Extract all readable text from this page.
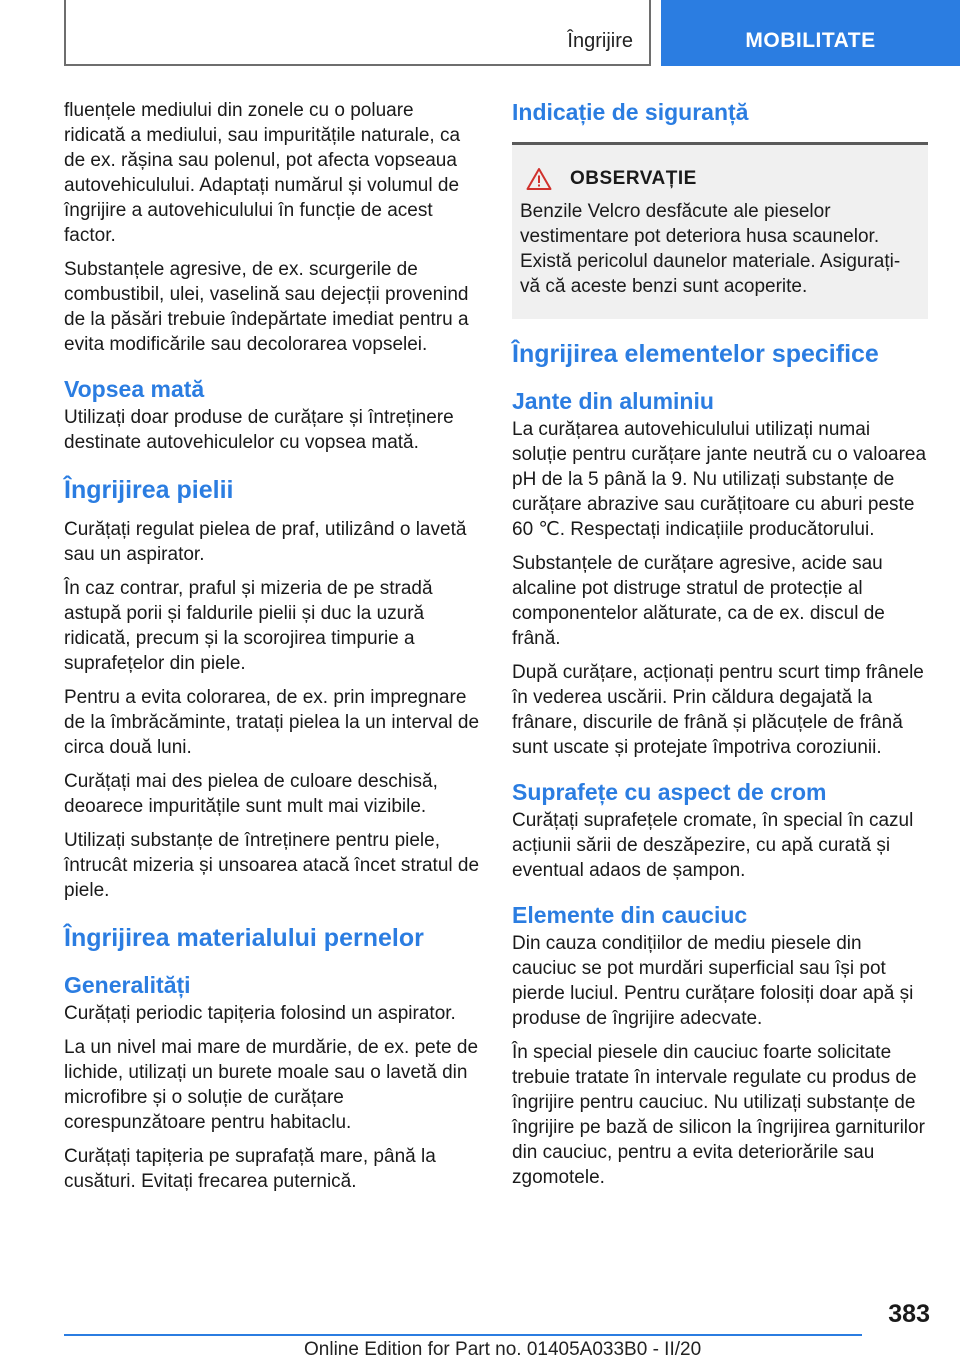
Îngrijire	MOBILITATE

fluențele mediului din zonele cu o poluare ridicată a mediului, sau impuritățile naturale, ca de ex. rășina sau polenul, pot afecta vopseaua autovehiculului. Adaptați numărul și volumul de îngrijire a autovehiculului în funcție de acest factor.

Substanțele agresive, de ex. scurgerile de combustibil, ulei, vaselină sau dejecții provenind de la păsări trebuie îndepărtate imediat pentru a evita modificările sau decolorarea vopselei.

Vopsea mată

Utilizați doar produse de curățare și întreținere destinate autovehiculelor cu vopsea mată.

Îngrijirea pielii

Curățați regulat pielea de praf, utilizând o lavetă sau un aspirator.

În caz contrar, praful și mizeria de pe stradă astupă porii și faldurile pielii și duc la uzură ridicată, precum și la scorojirea timpurie a suprafețelor din piele.

Pentru a evita colorarea, de ex. prin impregnare de la îmbrăcăminte, tratați pielea la un interval de circa două luni.

Curățați mai des pielea de culoare deschisă, deoarece impuritățile sunt mult mai vizibile.

Utilizați substanțe de întreținere pentru piele, întrucât mizeria și unsoarea atacă încet stratul de piele.

Îngrijirea materialului pernelor
Generalități

Curățați periodic tapițeria folosind un aspirator.

La un nivel mai mare de murdărie, de ex. pete de lichide, utilizați un burete moale sau o lavetă din microfibre și o soluție de curățare corespunzătoare pentru habitaclu.

Curățați tapițeria pe suprafață mare, până la cusături. Evitați frecarea puternică.

Indicație de siguranță
OBSERVAȚIE

Benzile Velcro desfăcute ale pieselor vestimentare pot deteriora husa scaunelor. Există pericolul daunelor materiale. Asigurați-vă că aceste benzi sunt acoperite.

Îngrijirea elementelor specifice
Jante din aluminiu

La curățarea autovehiculului utilizați numai soluție pentru curățare jante neutră cu o valoarea pH de la 5 până la 9. Nu utilizați substanțe de curățare abrazive sau curățitoare cu aburi peste 60 ℃. Respectați indicațiile producătorului.

Substanțele de curățare agresive, acide sau alcaline pot distruge stratul de protecție al componentelor alăturate, ca de ex. discul de frână.

După curățare, acționați pentru scurt timp frânele în vederea uscării. Prin căldura degajată la frânare, discurile de frână și plăcuțele de frână sunt uscate și protejate împotriva coroziunii.

Suprafețe cu aspect de crom

Curățați suprafețele cromate, în special în cazul acțiunii sării de deszăpezire, cu apă curată și eventual adaos de șampon.

Elemente din cauciuc

Din cauza condițiilor de mediu piesele din cauciuc se pot murdări superficial sau își pot pierde luciul. Pentru curățare folosiți doar apă și produse de îngrijire adecvate.

În special piesele din cauciuc foarte solicitate trebuie tratate în intervale regulate cu produs de îngrijire pentru cauciuc. Nu utilizați substanțe de îngrijire pe bază de silicon la îngrijirea garniturilor din cauciuc, pentru a evita deteriorările sau zgomotele.

383
Online Edition for Part no. 01405A033B0 - II/20
